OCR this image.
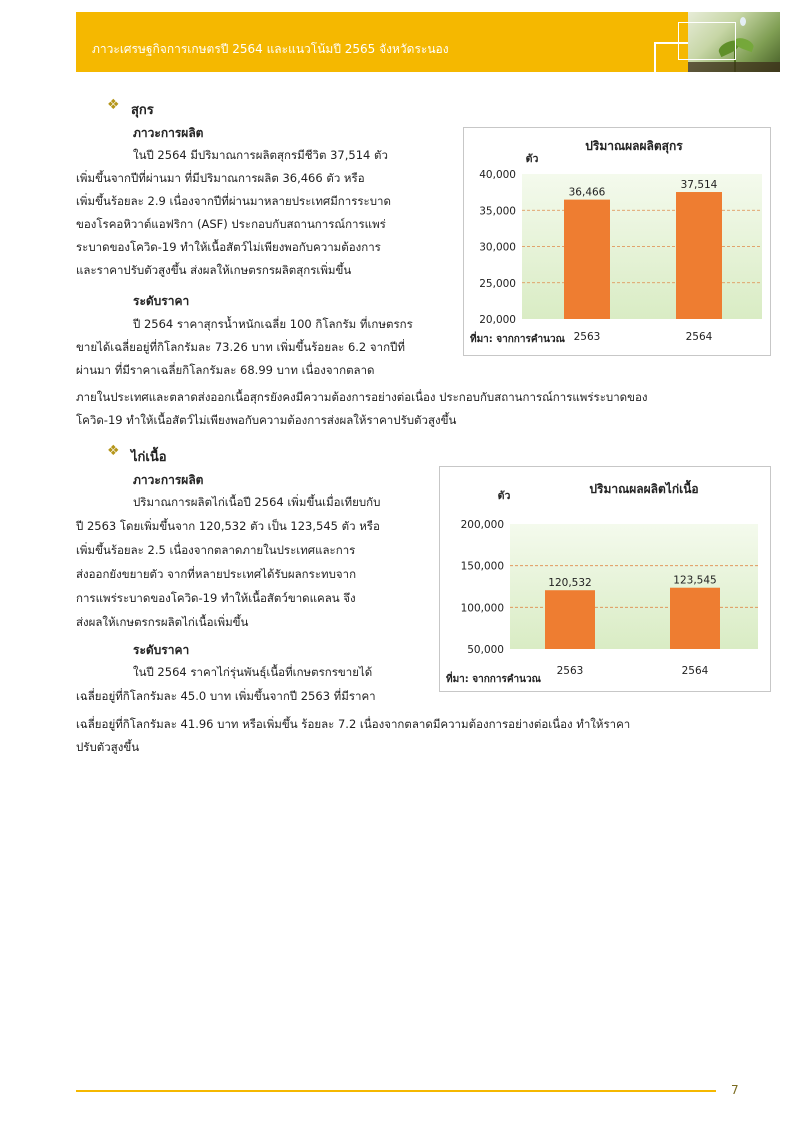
ภาวะเศรษฐกิจการเกษตรปี 2564 และแนวโน้มปี 2565 จังหวัดระนอง
❖ สุกร
ภาวะการผลิต
ในปี 2564 มีปริมาณการผลิตสุกรมีชีวิต 37,514 ตัว
เพิ่มขึ้นจากปีที่ผ่านมา ที่มีปริมาณการผลิต 36,466 ตัว หรือ
เพิ่มขึ้นร้อยละ 2.9 เนื่องจากปีที่ผ่านมาหลายประเทศมีการระบาด
ของโรคอหิวาต์แอฟริกา (ASF) ประกอบกับสถานการณ์การแพร่
ระบาดของโควิด-19 ทำให้เนื้อสัตว์ไม่เพียงพอกับความต้องการ
และราคาปรับตัวสูงขึ้น ส่งผลให้เกษตรกรผลิตสุกรเพิ่มขึ้น
ระดับราคา
ปี 2564 ราคาสุกรน้ำหนักเฉลี่ย 100 กิโลกรัม ที่เกษตรกร
ขายได้เฉลี่ยอยู่ที่กิโลกรัมละ 73.26 บาท เพิ่มขึ้นร้อยละ 6.2 จากปีที่
ผ่านมา ที่มีราคาเฉลี่ยกิโลกรัมละ 68.99 บาท เนื่องจากตลาด
ภายในประเทศและตลาดส่งออกเนื้อสุกรยังคงมีความต้องการอย่างต่อเนื่อง ประกอบกับสถานการณ์การแพร่ระบาดของ
โควิด-19 ทำให้เนื้อสัตว์ไม่เพียงพอกับความต้องการส่งผลให้ราคาปรับตัวสูงขึ้น
20,000
25,000
30,000
35,000
40,000
36,466
2563
37,514
2564
ปริมาณผลผลิตสุกร
ตัว
ที่มา: จากการคำนวณ
❖ ไก่เนื้อ
ภาวะการผลิต
ปริมาณการผลิตไก่เนื้อปี 2564 เพิ่มขึ้นเมื่อเทียบกับ
ปี 2563 โดยเพิ่มขึ้นจาก 120,532 ตัว เป็น 123,545 ตัว หรือ
เพิ่มขึ้นร้อยละ 2.5 เนื่องจากตลาดภายในประเทศและการ
ส่งออกยังขยายตัว จากที่หลายประเทศได้รับผลกระทบจาก
การแพร่ระบาดของโควิด-19 ทำให้เนื้อสัตว์ขาดแคลน จึง
ส่งผลให้เกษตรกรผลิตไก่เนื้อเพิ่มขึ้น
ระดับราคา
ในปี 2564 ราคาไก่รุ่นพันธุ์เนื้อที่เกษตรกรขายได้
เฉลี่ยอยู่ที่กิโลกรัมละ 45.0 บาท เพิ่มขึ้นจากปี 2563 ที่มีราคา
เฉลี่ยอยู่ที่กิโลกรัมละ 41.96 บาท หรือเพิ่มขึ้น ร้อยละ 7.2 เนื่องจากตลาดมีความต้องการอย่างต่อเนื่อง ทำให้ราคา
ปรับตัวสูงขึ้น
50,000
100,000
150,000
200,000
120,532
2563
123,545
2564
ปริมาณผลผลิตไก่เนื้อ
ตัว
ที่มา: จากการคำนวณ
7
